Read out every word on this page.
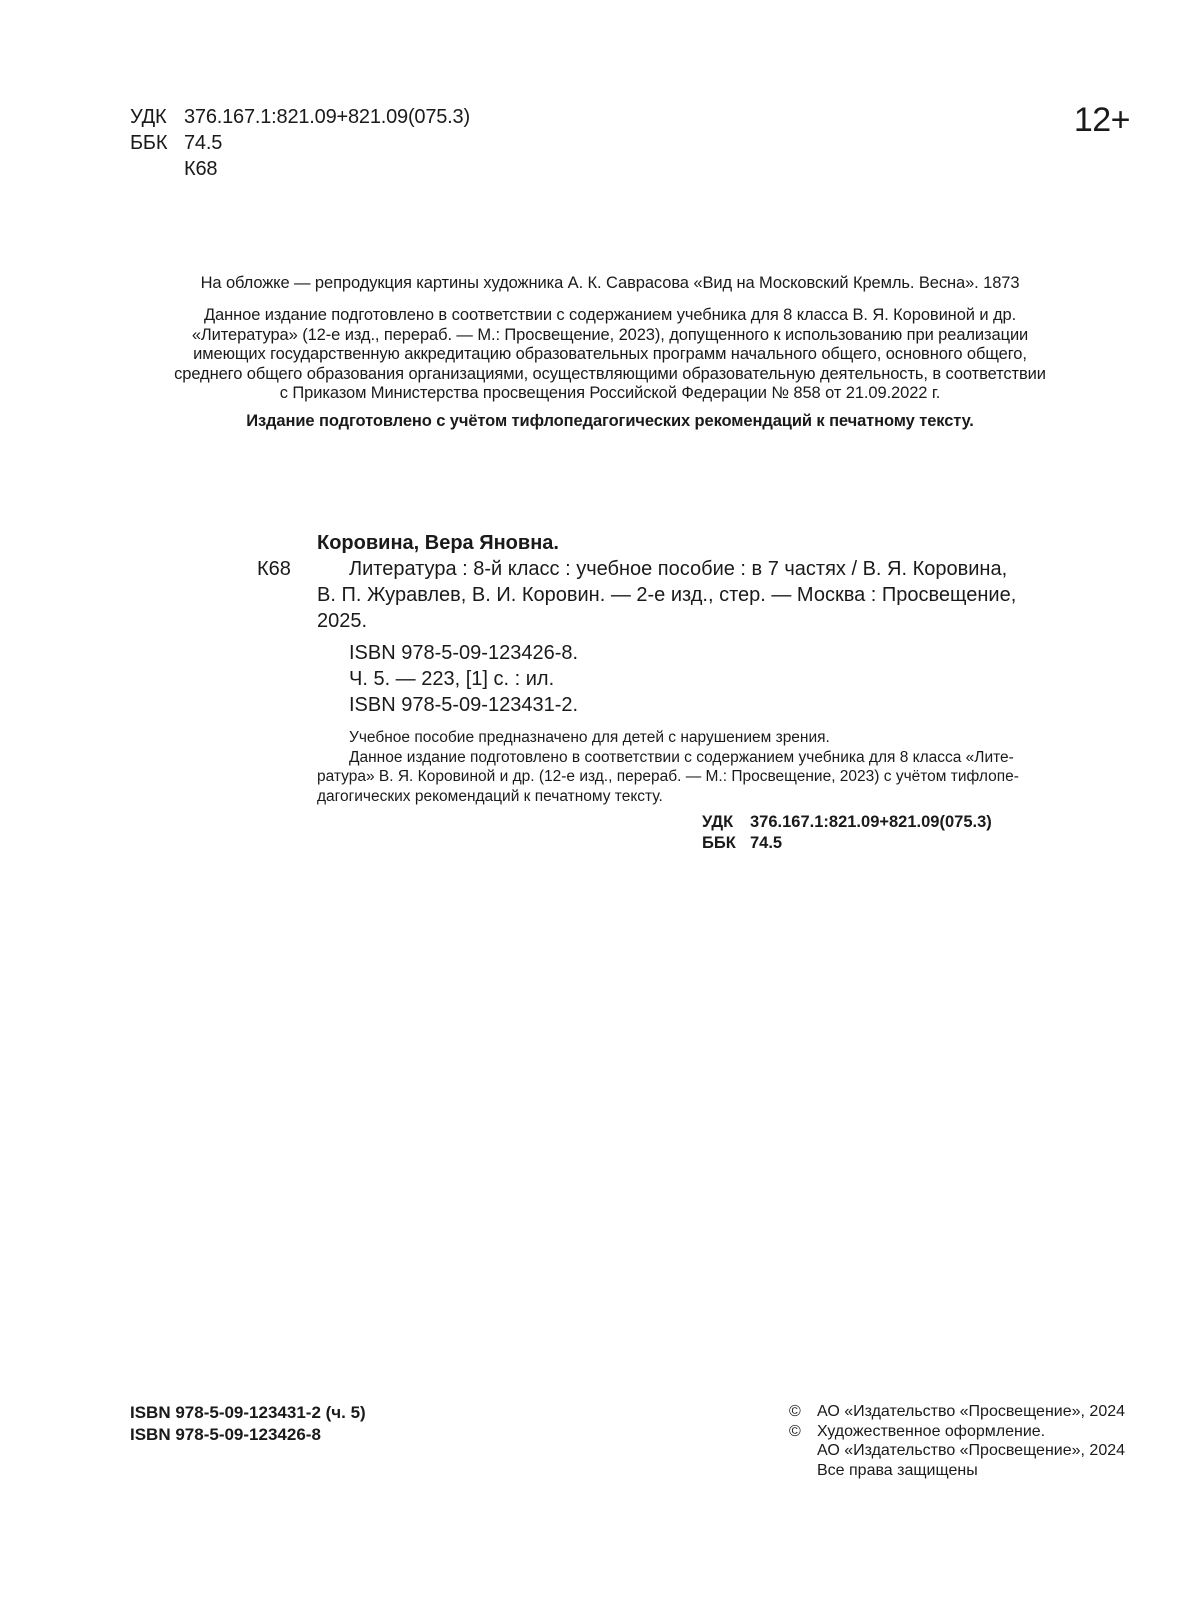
УДК 376.167.1:821.09+821.09(075.3)
ББК 74.5
К68
12+
На обложке — репродукция картины художника А. К. Саврасова «Вид на Московский Кремль. Весна». 1873
Данное издание подготовлено в соответствии с содержанием учебника для 8 класса В. Я. Коровиной и др.
«Литература» (12-е изд., перераб. — М.: Просвещение, 2023), допущенного к использованию при реализации
имеющих государственную аккредитацию образовательных программ начального общего, основного общего,
среднего общего образования организациями, осуществляющими образовательную деятельность, в соответствии
с Приказом Министерства просвещения Российской Федерации № 858 от 21.09.2022 г.
Издание подготовлено с учётом тифлопедагогических рекомендаций к печатному тексту.
К68
Коровина, Вера Яновна.
Литература : 8-й класс : учебное пособие : в 7 частях / В. Я. Коровина,
В. П. Журавлев, В. И. Коровин. — 2-е изд., стер. — Москва : Просвещение,
2025.
ISBN 978-5-09-123426-8.
Ч. 5. — 223, [1] с. : ил.
ISBN 978-5-09-123431-2.
Учебное пособие предназначено для детей с нарушением зрения.
Данное издание подготовлено в соответствии с содержанием учебника для 8 класса «Лите-
ратура» В. Я. Коровиной и др. (12-е изд., перераб. — М.: Просвещение, 2023) с учётом тифлопе-
дагогических рекомендаций к печатному тексту.
УДК	376.167.1:821.09+821.09(075.3)
ББК 74.5
ISBN 978-5-09-123431-2 (ч. 5)
ISBN 978-5-09-123426-8
©	АО «Издательство «Просвещение», 2024
©	Художественное оформление.
АО «Издательство «Просвещение», 2024
Все права защищены
